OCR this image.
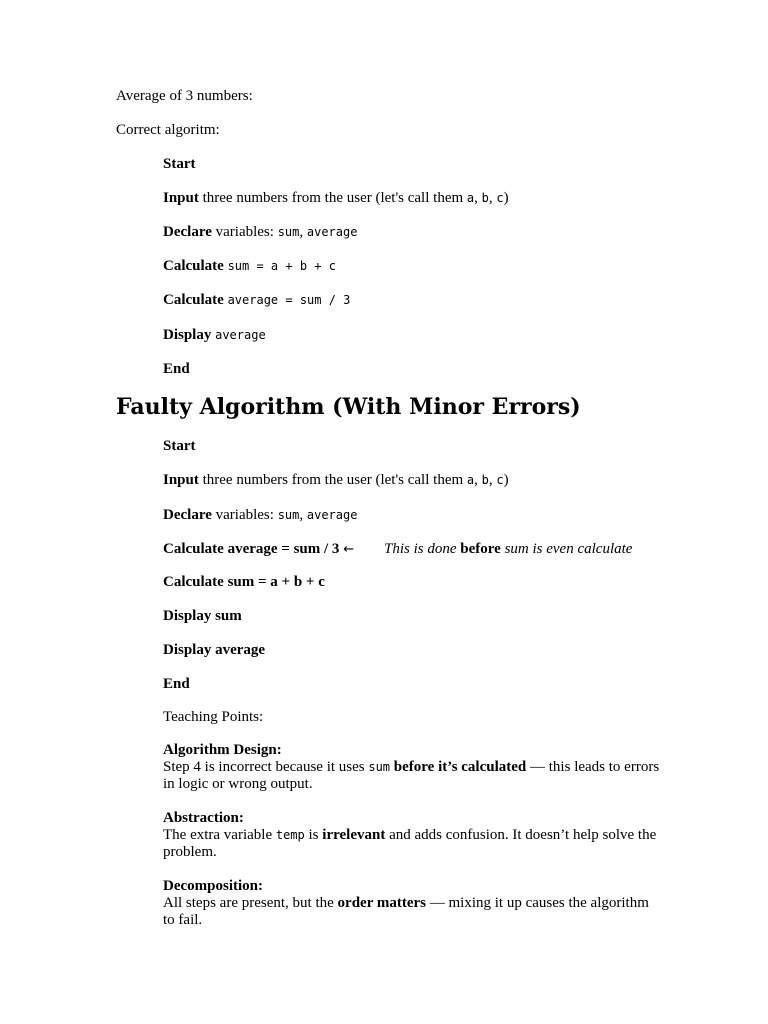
Average of 3 numbers:
Correct algoritm:
Start
Input three numbers from the user (let's call them a, b, c)
Declare variables: sum, average
Calculate sum = a + b + c
Calculate average = sum / 3
Display average
End
Faulty Algorithm (With Minor Errors)
Start
Input three numbers from the user (let's call them a, b, c)
Declare variables: sum, average
Calculate average = sum / 3 ← This is done before sum is even calculate
Calculate sum = a + b + c
Display sum
Display average
End
Teaching Points:
Algorithm Design:
Step 4 is incorrect because it uses sum before it’s calculated — this leads to errors in logic or wrong output.
Abstraction:
The extra variable temp is irrelevant and adds confusion. It doesn’t help solve the problem.
Decomposition:
All steps are present, but the order matters — mixing it up causes the algorithm to fail.
